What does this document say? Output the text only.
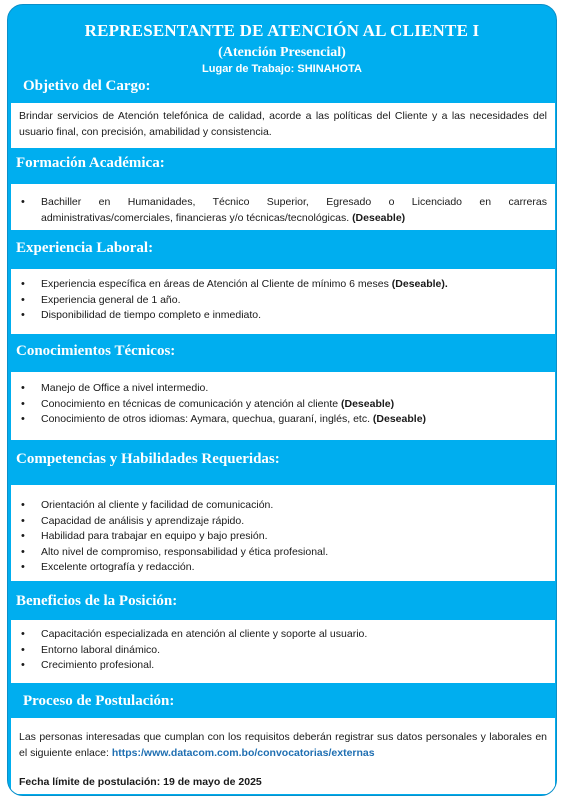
REPRESENTANTE DE ATENCIÓN AL CLIENTE I
(Atención Presencial)
Lugar de Trabajo: SHINAHOTA
Objetivo del Cargo:

Brindar servicios de Atención telefónica de calidad, acorde a las políticas del Cliente y a las necesidades del usuario final, con precisión, amabilidad y consistencia.

Formación Académica:
• Bachiller en Humanidades, Técnico Superior, Egresado o Licenciado en carreras administrativas/comerciales, financieras y/o técnicas/tecnológicas. (Deseable)
Experiencia Laboral:
• Experiencia específica en áreas de Atención al Cliente de mínimo 6 meses (Deseable).
• Experiencia general de 1 año.
• Disponibilidad de tiempo completo e inmediato.
Conocimientos Técnicos:
• Manejo de Office a nivel intermedio.
• Conocimiento en técnicas de comunicación y atención al cliente (Deseable)
• Conocimiento de otros idiomas: Aymara, quechua, guaraní, inglés, etc. (Deseable)
Competencias y Habilidades Requeridas:
• Orientación al cliente y facilidad de comunicación.
• Capacidad de análisis y aprendizaje rápido.
• Habilidad para trabajar en equipo y bajo presión.
• Alto nivel de compromiso, responsabilidad y ética profesional.
• Excelente ortografía y redacción.
Beneficios de la Posición:
• Capacitación especializada en atención al cliente y soporte al usuario.
• Entorno laboral dinámico.
• Crecimiento profesional.
Proceso de Postulación:

Las personas interesadas que cumplan con los requisitos deberán registrar sus datos personales y laborales en el siguiente enlace: https:/www.datacom.com.bo/convocatorias/externas

Fecha límite de postulación: 19 de mayo de 2025
